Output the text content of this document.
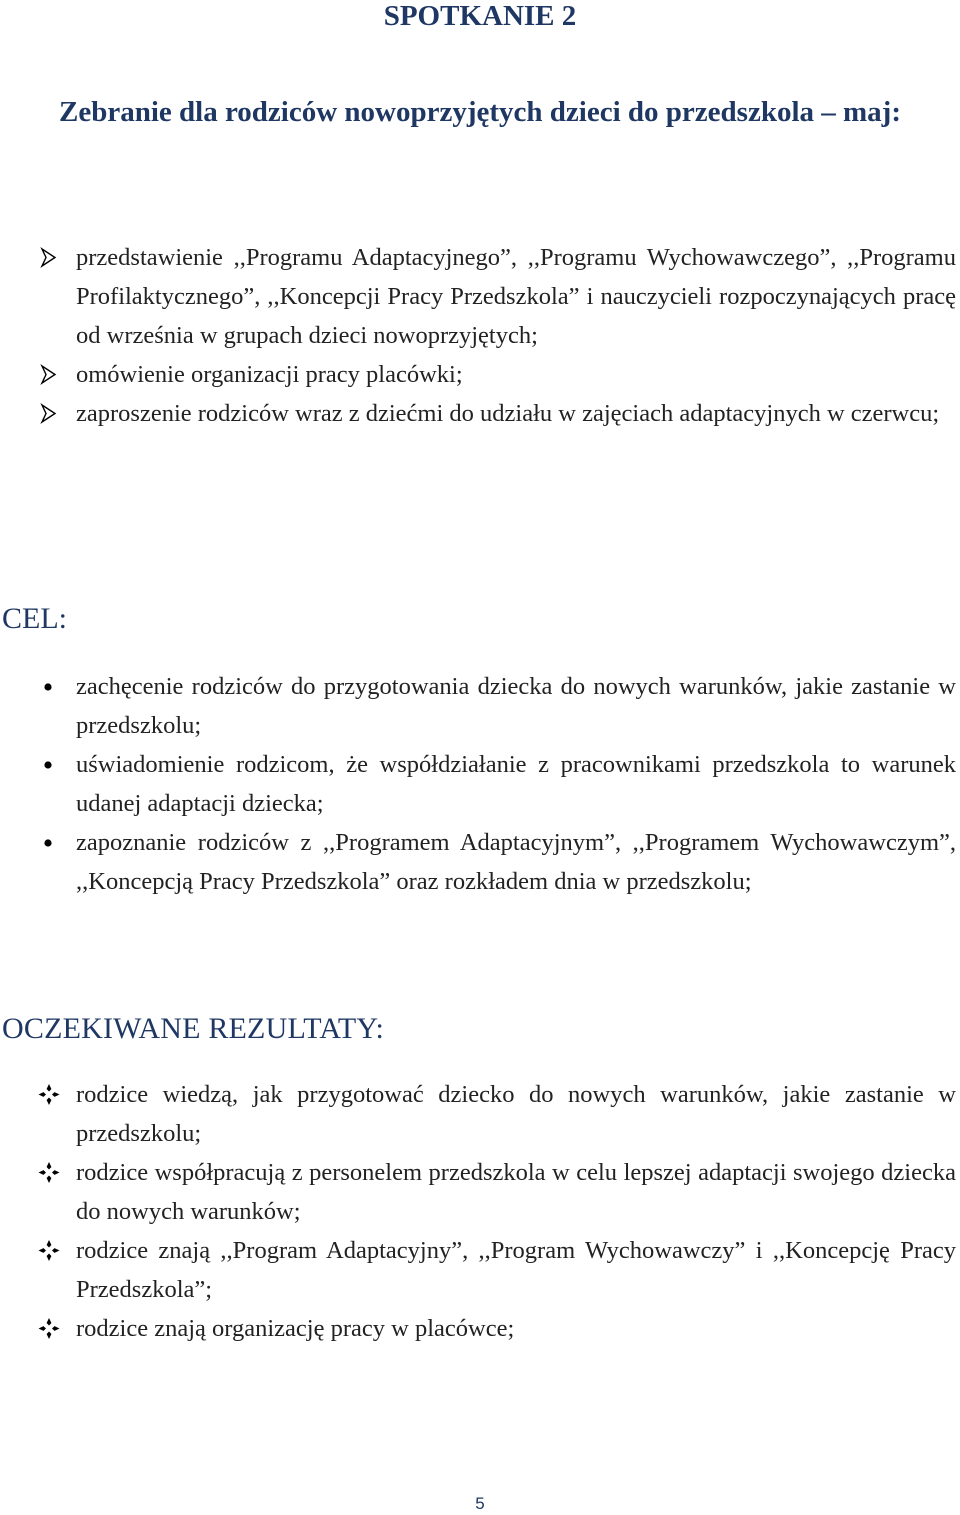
SPOTKANIE 2
Zebranie dla rodziców nowoprzyjętych dzieci do przedszkola – maj:
przedstawienie ,,Programu Adaptacyjnego”, ,,Programu Wychowawczego”, ,,Programu Profilaktycznego”, ,,Koncepcji Pracy Przedszkola” i nauczycieli rozpoczynających pracę od września w grupach dzieci nowoprzyjętych;
omówienie organizacji pracy placówki;
zaproszenie rodziców wraz z dziećmi do udziału w zajęciach adaptacyjnych w czerwcu;
CEL:
zachęcenie rodziców do przygotowania dziecka do nowych warunków, jakie zastanie w przedszkolu;
uświadomienie rodzicom, że współdziałanie z pracownikami przedszkola to warunek udanej adaptacji dziecka;
zapoznanie rodziców z ,,Programem Adaptacyjnym”, ,,Programem Wychowawczym”, ,,Koncepcją Pracy Przedszkola” oraz rozkładem dnia w przedszkolu;
OCZEKIWANE REZULTATY:
rodzice wiedzą, jak przygotować dziecko do nowych warunków, jakie zastanie w przedszkolu;
rodzice współpracują z personelem przedszkola w celu lepszej adaptacji swojego dziecka do nowych warunków;
rodzice znają ,,Program Adaptacyjny”, ,,Program Wychowawczy” i ,,Koncepcję Pracy Przedszkola”;
rodzice znają organizację pracy w placówce;
5
